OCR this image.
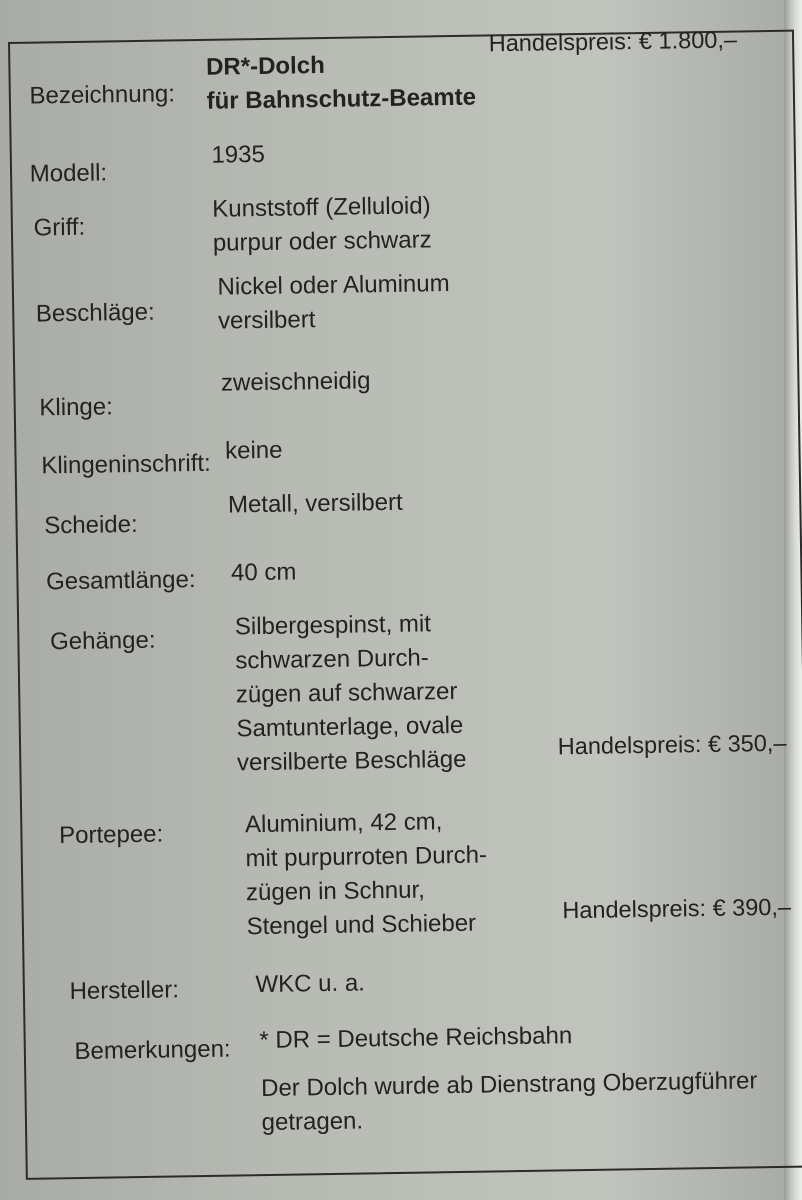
Handelspreis: € 1.800,–
Bezeichnung:
DR*-Dolch
für Bahnschutz-Beamte
Modell:
1935
Griff:
Kunststoff (Zelluloid)
purpur oder schwarz
Beschläge:
Nickel oder Aluminum
versilbert
Klinge:
zweischneidig
Klingeninschrift: keine
Scheide:
Metall, versilbert
Gesamtlänge: 40 cm
Gehänge:
Silbergespinst, mit
schwarzen Durch-
zügen auf schwarzer
Samtunterlage, ovale
versilberte Beschläge
Handelspreis: € 350,–
Portepee:	Aluminium, 42 cm,
mit purpurroten Durch-
zügen in Schnur,
Stengel und Schieber
Handelspreis: € 390,–
Hersteller:	WKC u. a.
Bemerkungen: * DR = Deutsche Reichsbahn
Der Dolch wurde ab Dienstrang Oberzugführer
getragen.
